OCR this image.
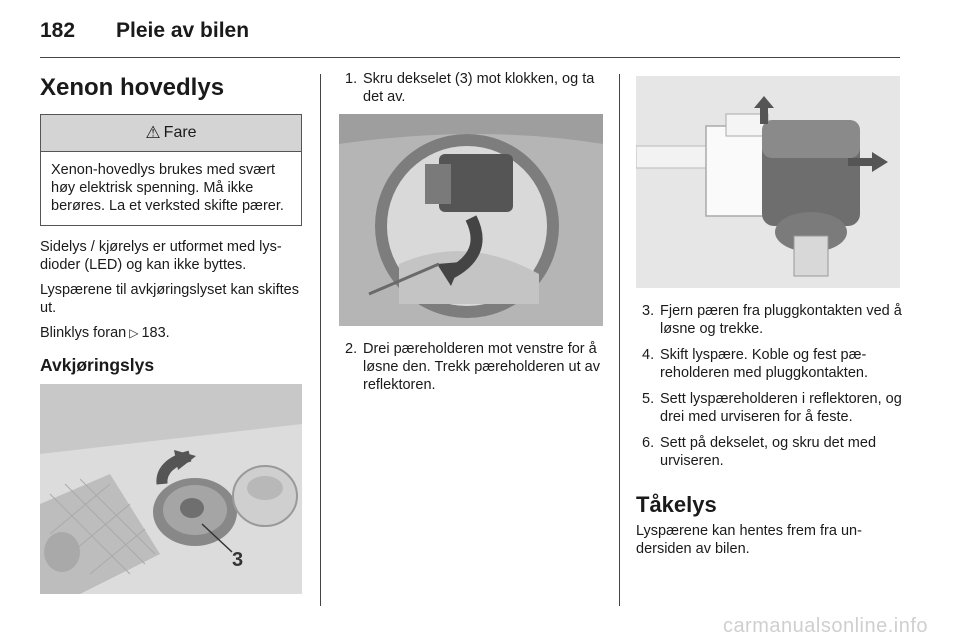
182	Pleie av bilen
Xenon hovedlys
⚠ Fare
Xenon-hovedlys brukes med svært høy elektrisk spenning. Må ikke berøres. La et verksted skifte pærer.

Sidelys / kjørelys er utformet med lysdioder (LED) og kan ikke byttes.

Lyspærene til avkjøringslyset kan skiftes ut.

Blinklys foran ▷ 183.

Avkjøringslys
3
1. Skru dekselet (3) mot klokken, og ta det av.
2. Drei pæreholderen mot venstre for å løsne den. Trekk pæreholderen ut av reflektoren.
3. Fjern pæren fra pluggkontakten ved å løsne og trekke.
4. Skift lyspære. Koble og fest pæreholderen med pluggkontakten.
5. Sett lyspæreholderen i reflektoren, og drei med urviseren for å feste.
6. Sett på dekselet, og skru det med urviseren.
Tåkelys

Lyspærene kan hentes frem fra undersiden av bilen.

carmanualsonline.info
